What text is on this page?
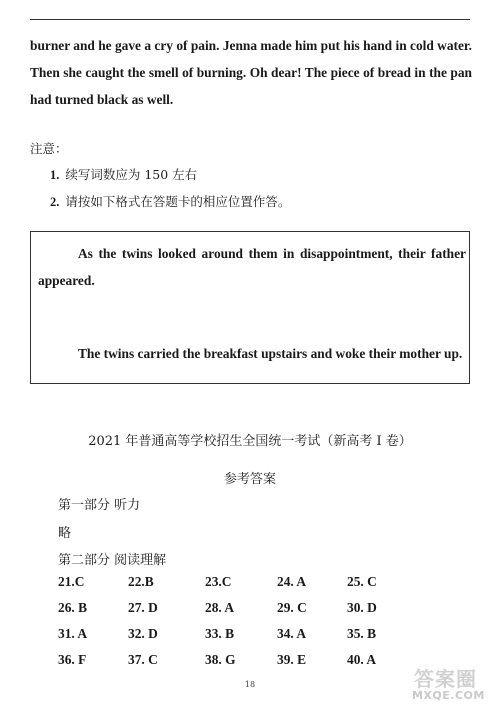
burner and he gave a cry of pain. Jenna made him put his hand in cold water. Then she caught the smell of burning. Oh dear! The piece of bread in the pan had turned black as well.
注意：
1. 续写词数应为 150 左右
2. 请按如下格式在答题卡的相应位置作答。
As the twins looked around them in disappointment, their father appeared.
The twins carried the breakfast upstairs and woke their mother up.
2021 年普通高等学校招生全国统一考试（新高考 I 卷）
参考答案
第一部分 听力
略
第二部分 阅读理解
21.C	22.B	23.C	24. A	25. C
26. B	27. D	28. A	29. C	30. D
31. A	32. D	33. B	34. A	35. B
36. F	37. C	38. G	39. E	40. A
18	答案圈
MXQE.COM
